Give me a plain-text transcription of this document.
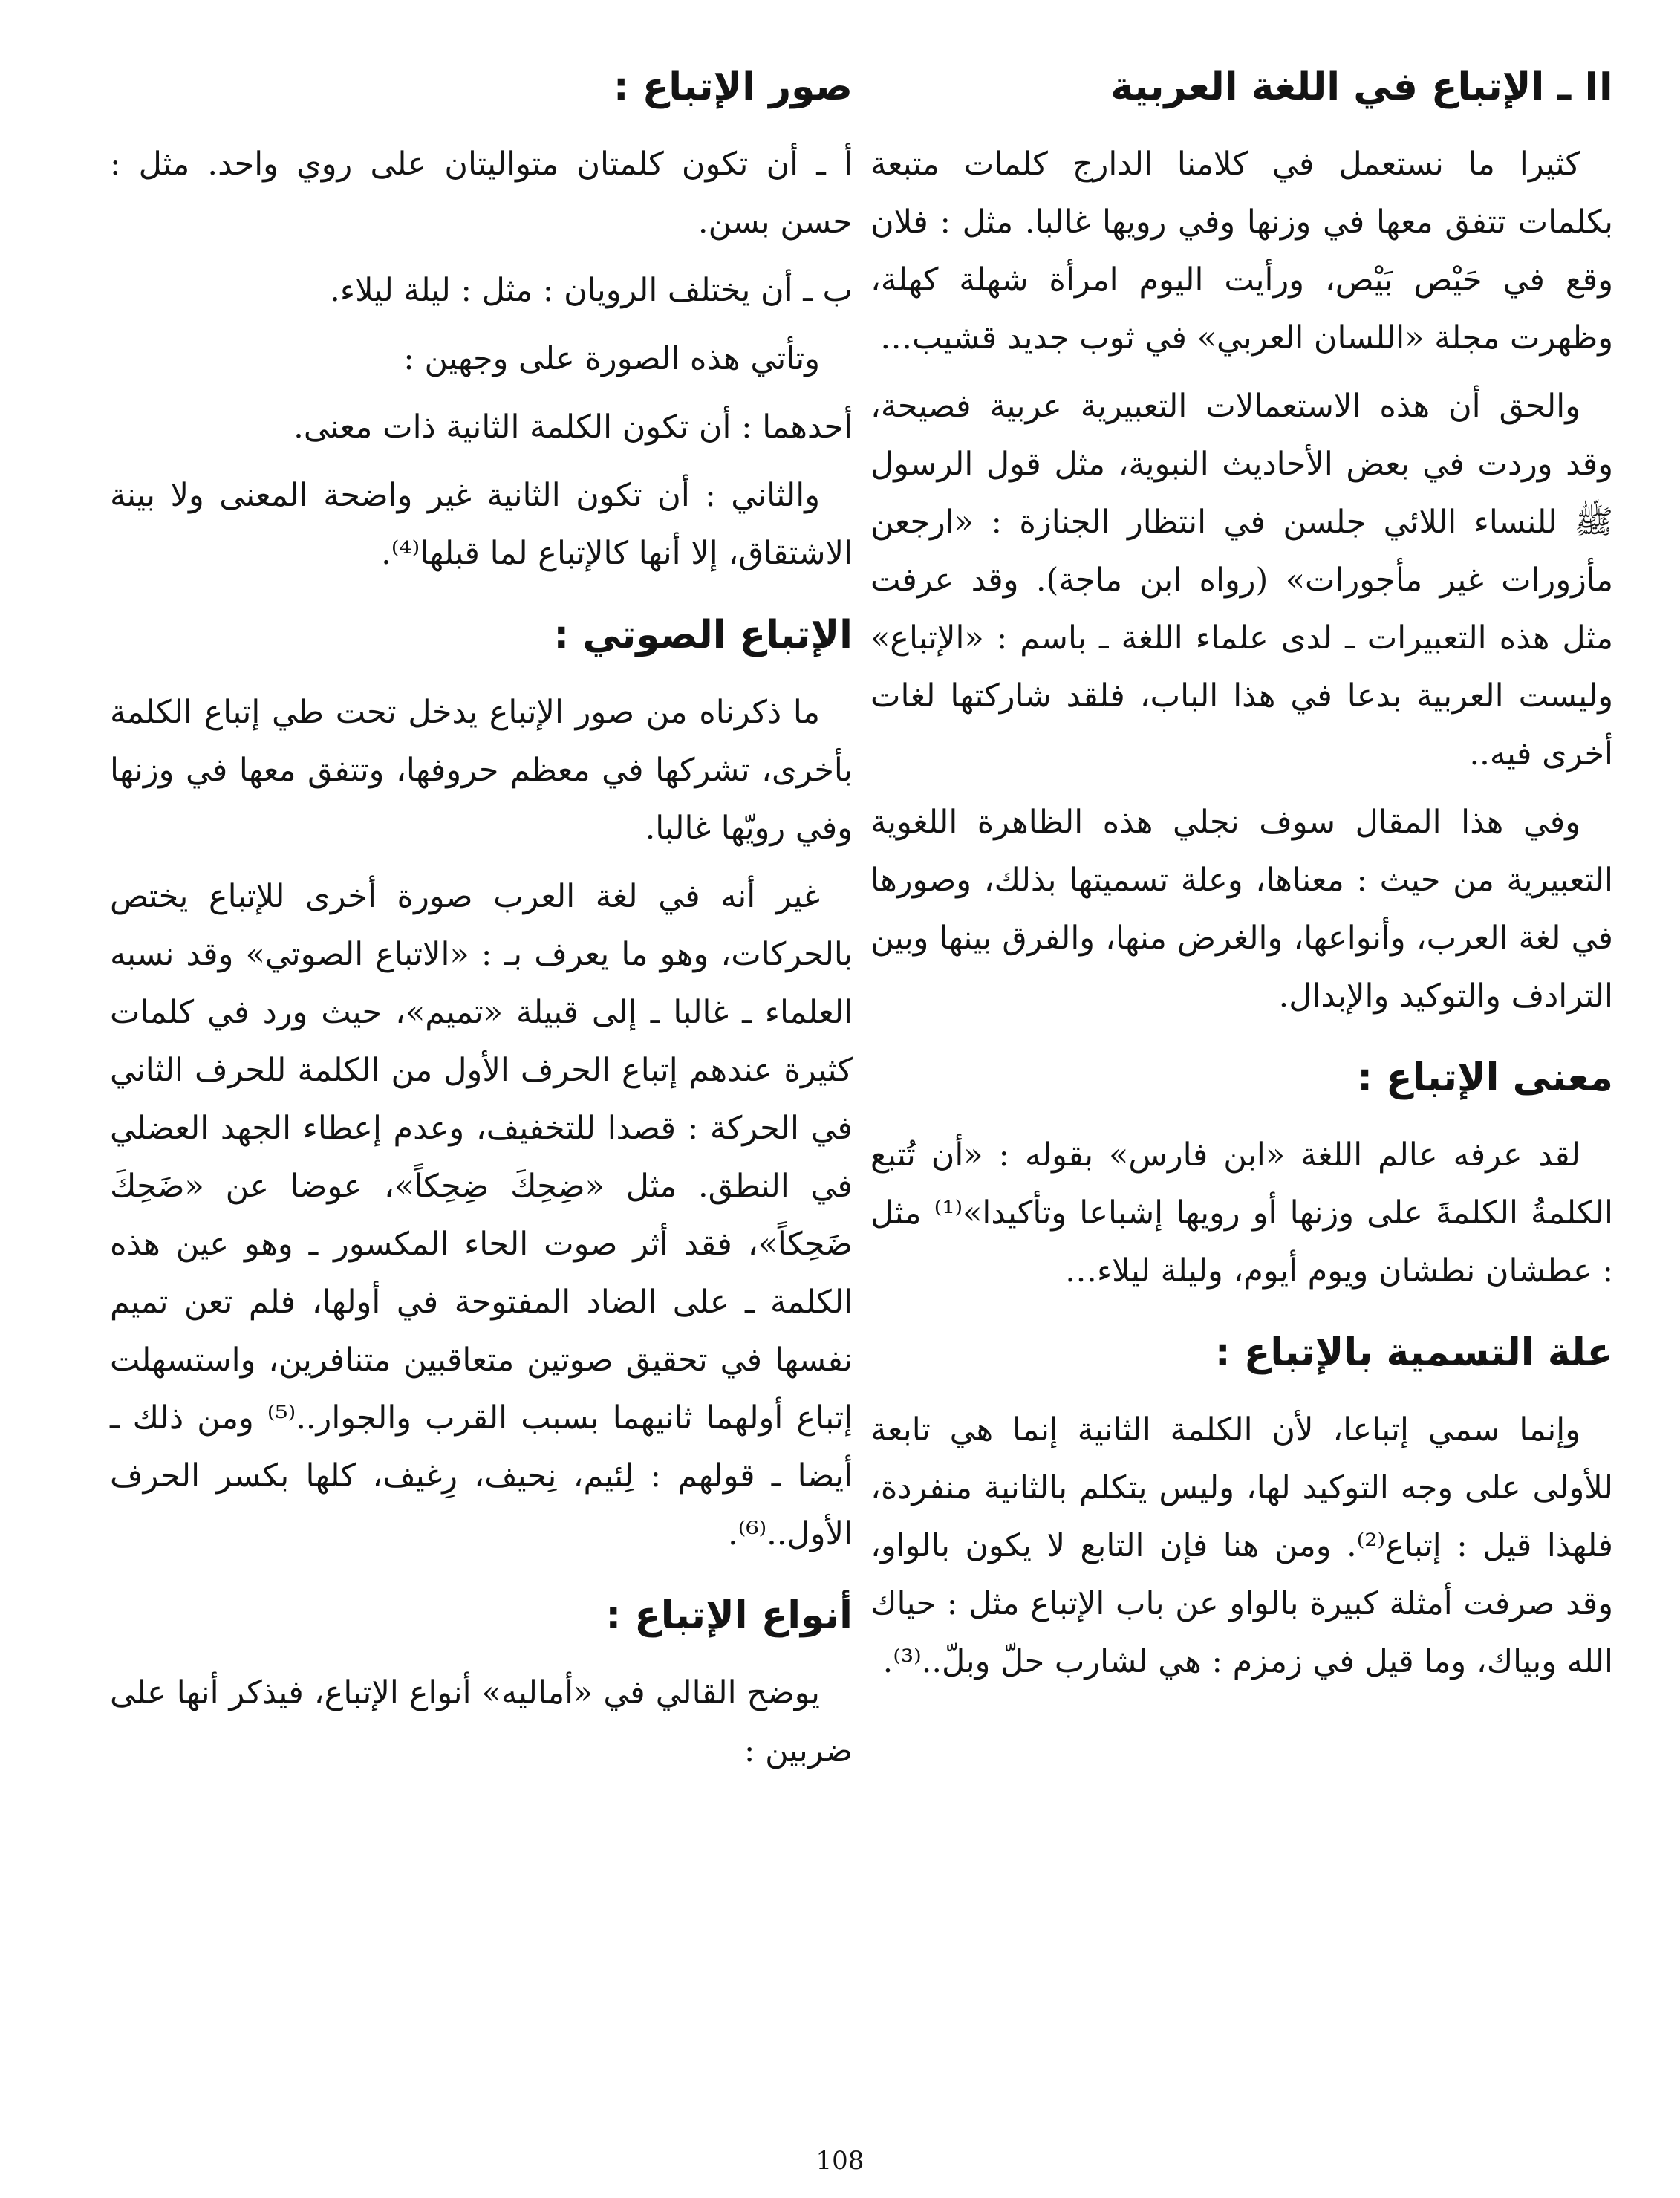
II ـ الإتباع في اللغة العربية

كثيرا ما نستعمل في كلامنا الدارج كلمات متبعة بكلمات تتفق معها في وزنها وفي رويها غالبا. مثل : فلان وقع في حَيْص بَيْص، ورأيت اليوم امرأة شهلة كهلة، وظهرت مجلة «اللسان العربي» في ثوب جديد قشيب…

والحق أن هذه الاستعمالات التعبيرية عربية فصيحة، وقد وردت في بعض الأحاديث النبوية، مثل قول الرسول ﷺ للنساء اللائي جلسن في انتظار الجنازة : «ارجعن مأزورات غير مأجورات» (رواه ابن ماجة). وقد عرفت مثل هذه التعبيرات ـ لدى علماء اللغة ـ باسم : «الإتباع» وليست العربية بدعا في هذا الباب، فلقد شاركتها لغات أخرى فيه..

وفي هذا المقال سوف نجلي هذه الظاهرة اللغوية التعبيرية من حيث : معناها، وعلة تسميتها بذلك، وصورها في لغة العرب، وأنواعها، والغرض منها، والفرق بينها وبين الترادف والتوكيد والإبدال.

معنى الإتباع :

لقد عرفه عالم اللغة «ابن فارس» بقوله : «أن تُتبع الكلمةُ الكلمةَ على وزنها أو رويها إشباعا وتأكيدا»⁽¹⁾ مثل : عطشان نطشان ويوم أيوم، وليلة ليلاء…

علة التسمية بالإتباع :

وإنما سمي إتباعا، لأن الكلمة الثانية إنما هي تابعة للأولى على وجه التوكيد لها، وليس يتكلم بالثانية منفردة، فلهذا قيل : إتباع⁽²⁾. ومن هنا فإن التابع لا يكون بالواو، وقد صرفت أمثلة كبيرة بالواو عن باب الإتباع مثل : حياك الله وبياك، وما قيل في زمزم : هي لشارب حلّ وبلّ..⁽³⁾.

صور الإتباع :

أ ـ أن تكون كلمتان متواليتان على روي واحد. مثل : حسن بسن.

ب ـ أن يختلف الرويان : مثل : ليلة ليلاء.

وتأتي هذه الصورة على وجهين :

أحدهما : أن تكون الكلمة الثانية ذات معنى.

والثاني : أن تكون الثانية غير واضحة المعنى ولا بينة الاشتقاق، إلا أنها كالإتباع لما قبلها⁽⁴⁾.

الإتباع الصوتي :

ما ذكرناه من صور الإتباع يدخل تحت طي إتباع الكلمة بأخرى، تشركها في معظم حروفها، وتتفق معها في وزنها وفي رويّها غالبا.

غير أنه في لغة العرب صورة أخرى للإتباع يختص بالحركات، وهو ما يعرف بـ : «الاتباع الصوتي» وقد نسبه العلماء ـ غالبا ـ إلى قبيلة «تميم»، حيث ورد في كلمات كثيرة عندهم إتباع الحرف الأول من الكلمة للحرف الثاني في الحركة : قصدا للتخفيف، وعدم إعطاء الجهد العضلي في النطق. مثل «ضِحِكَ ضِحِكاً»، عوضا عن «ضَحِكَ ضَحِكاً»، فقد أثر صوت الحاء المكسور ـ وهو عين هذه الكلمة ـ على الضاد المفتوحة في أولها، فلم تعن تميم نفسها في تحقيق صوتين متعاقبين متنافرين، واستسهلت إتباع أولهما ثانيهما بسبب القرب والجوار..⁽⁵⁾ ومن ذلك ـ أيضا ـ قولهم : لِئيم، نِحيف، رِغيف، كلها بكسر الحرف الأول..⁽⁶⁾.

أنواع الإتباع :

يوضح القالي في «أماليه» أنواع الإتباع، فيذكر أنها على ضربين :

108
